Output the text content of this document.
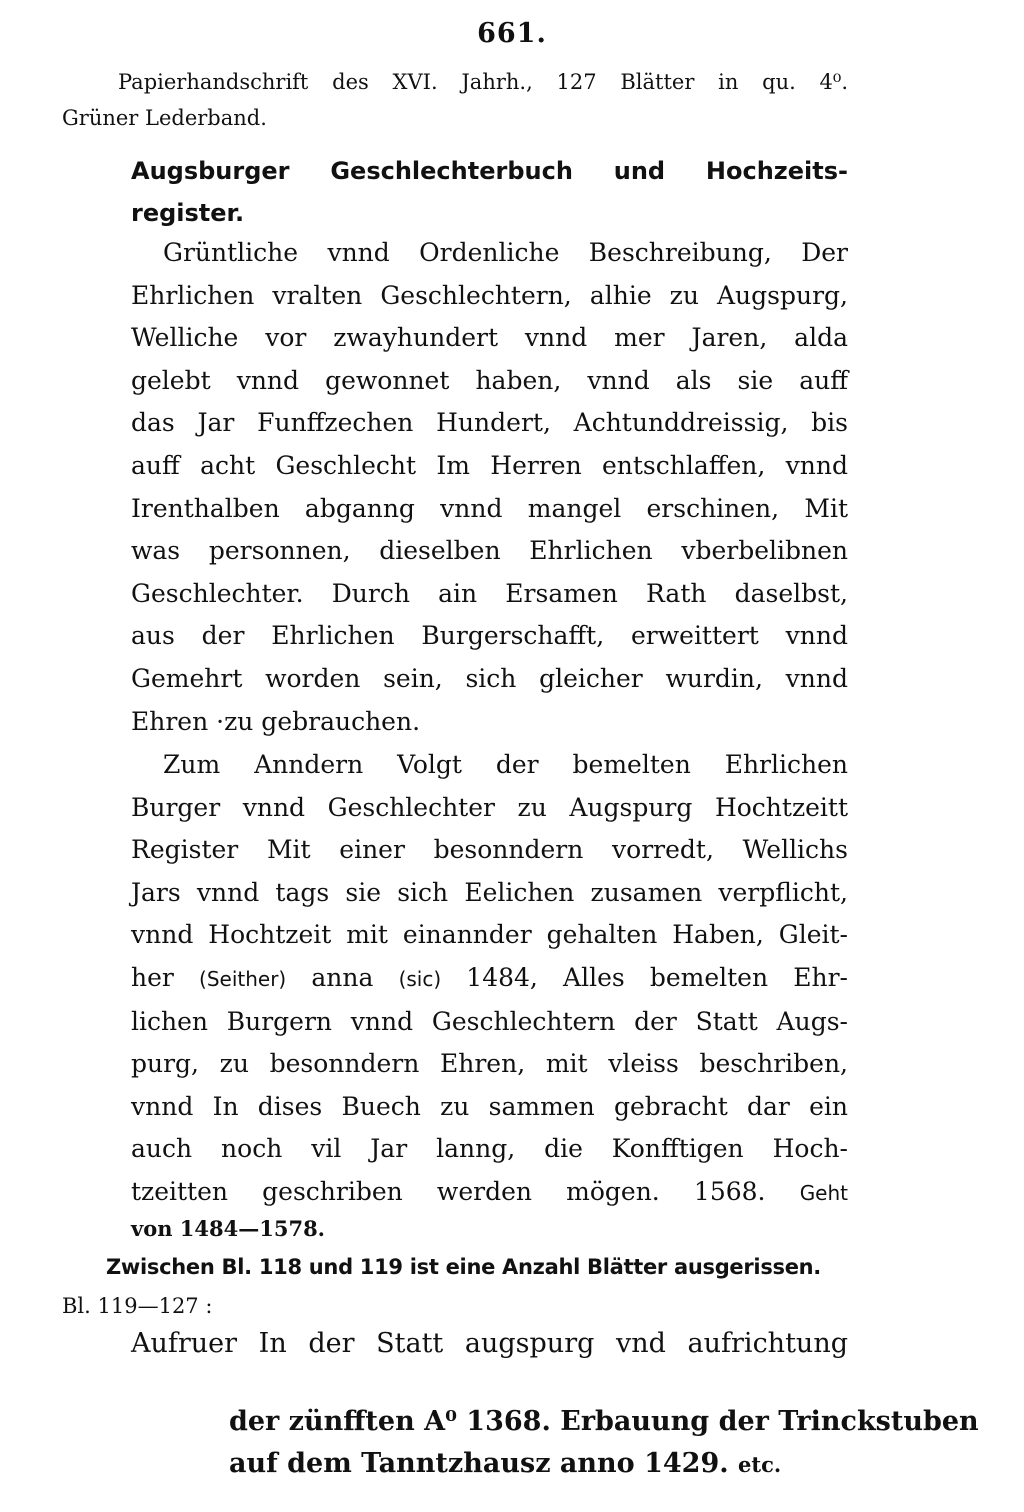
661.
Papierhandschrift des XVI. Jahrh., 127 Blätter in qu. 4⁰.
Grüner Lederband.
Augsburger Geschlechterbuch und Hochzeits-
register.
Grüntliche vnnd Ordenliche Beschreibung, Der
Ehrlichen vralten Geschlechtern, alhie zu Augspurg,
Welliche vor zwayhundert vnnd mer Jaren, alda
gelebt vnnd gewonnet haben, vnnd als sie auff
das Jar Funffzechen Hundert, Achtunddreissig, bis
auff acht Geschlecht Im Herren entschlaffen, vnnd
Irenthalben abganng vnnd mangel erschinen, Mit
was personnen, dieselben Ehrlichen vberbelibnen
Geschlechter. Durch ain Ersamen Rath daselbst,
aus der Ehrlichen Burgerschafft, erweittert vnnd
Gemehrt worden sein, sich gleicher wurdin, vnnd
Ehren ·zu gebrauchen.
Zum Anndern Volgt der bemelten Ehrlichen
Burger vnnd Geschlechter zu Augspurg Hochtzeitt
Register Mit einer besonndern vorredt, Wellichs
Jars vnnd tags sie sich Eelichen zusamen verpflicht,
vnnd Hochtzeit mit einannder gehalten Haben, Gleit-
her (Seither) anna (sic) 1484, Alles bemelten Ehr-
lichen Burgern vnnd Geschlechtern der Statt Augs-
purg, zu besonndern Ehren, mit vleiss beschriben,
vnnd In dises Buech zu sammen gebracht dar ein
auch noch vil Jar lanng, die Konfftigen Hoch-
tzeitten geschriben werden mögen. 1568. Geht
von 1484—1578.
Zwischen Bl. 118 und 119 ist eine Anzahl Blätter ausgerissen.
Bl. 119—127 :
Aufruer In der Statt augspurg vnd aufrichtung
der zünfften A⁰ 1368. Erbauung der Trinckstuben
auf dem Tanntzhausz anno 1429. etc.
